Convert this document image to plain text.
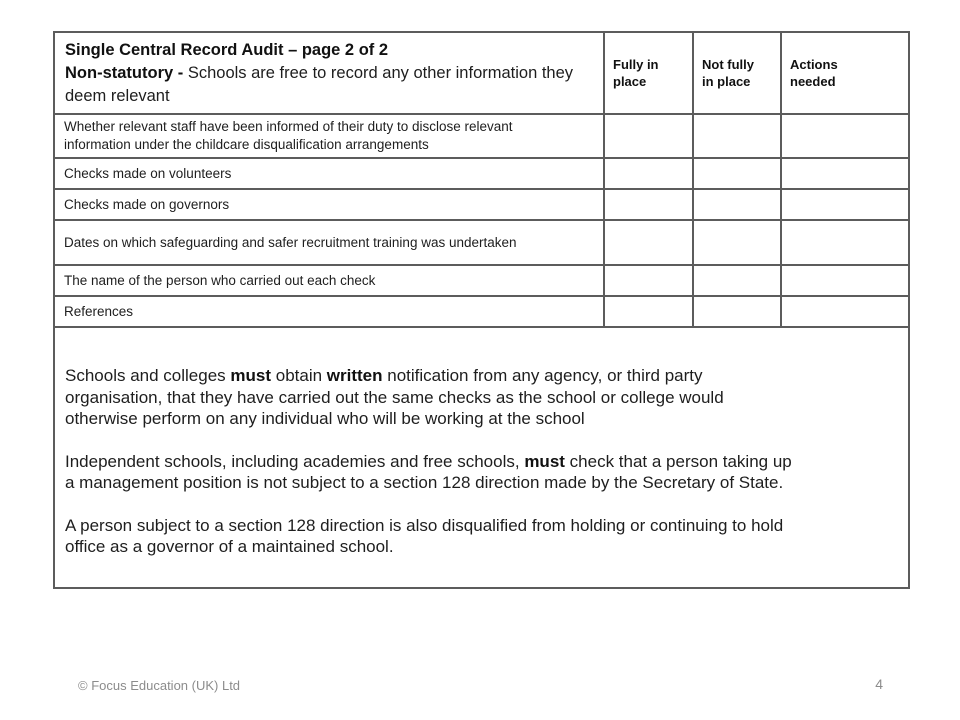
Single Central Record Audit – page 2 of 2
Non-statutory - Schools are free to record any other information they deem relevant	Fully in place	Not fully in place	Actions needed
Whether relevant staff have been informed of their duty to disclose relevant information under the childcare disqualification arrangements			
Checks made on volunteers			
Checks made on governors			
Dates on which safeguarding and safer recruitment training was undertaken			
The name of the person who carried out each check			
References			

Schools and colleges must obtain written notification from any agency, or third party organisation, that they have carried out the same checks as the school or college would otherwise perform on any individual who will be working at the school

Independent schools, including academies and free schools, must check that a person taking up a management position is not subject to a section 128 direction made by the Secretary of State.

A person subject to a section 128 direction is also disqualified from holding or continuing to hold office as a governor of a maintained school.			

© Focus Education (UK) Ltd	4
